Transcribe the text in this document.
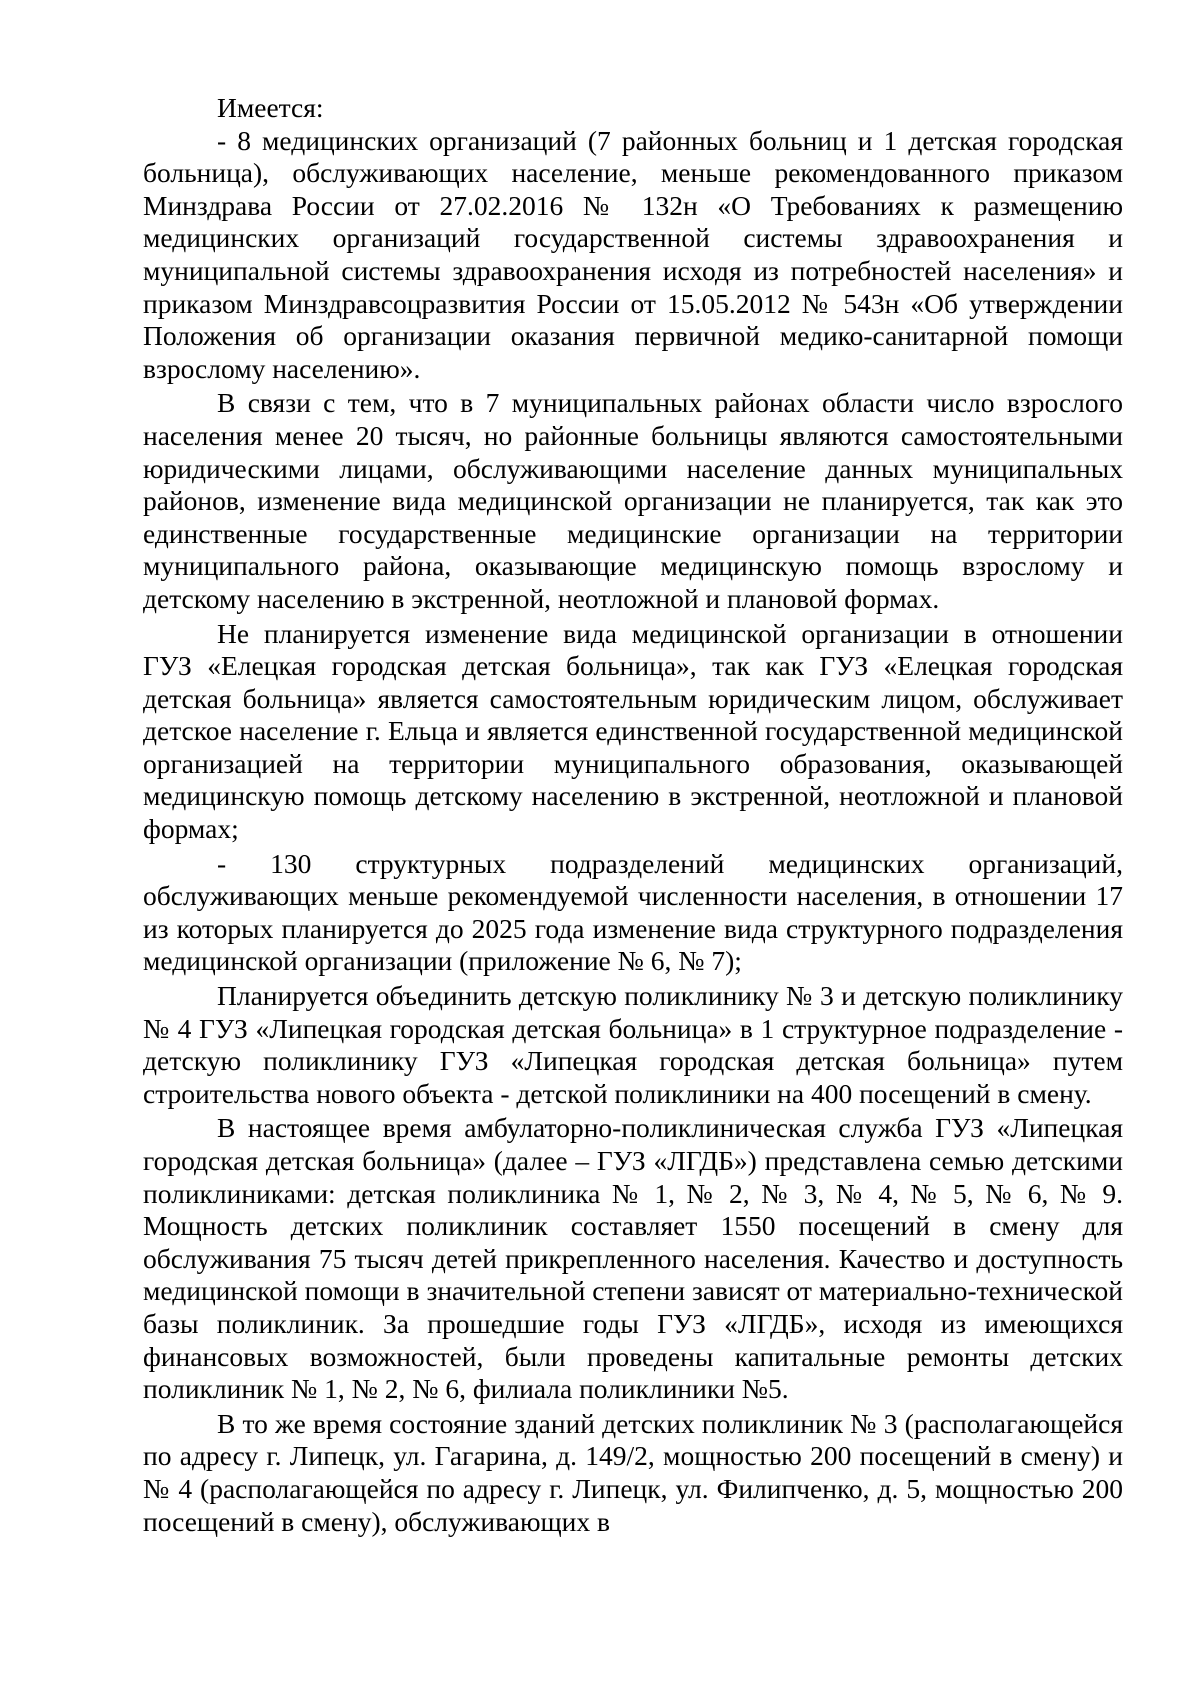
Имеется:

- 8 медицинских организаций (7 районных больниц и 1 детская городская больница), обслуживающих население, меньше рекомендованного приказом Минздрава России от 27.02.2016 № 132н «О Требованиях к размещению медицинских организаций государственной системы здравоохранения и муниципальной системы здравоохранения исходя из потребностей населения» и приказом Минздравсоцразвития России от 15.05.2012 № 543н «Об утверждении Положения об организации оказания первичной медико-санитарной помощи взрослому населению».

В связи с тем, что в 7 муниципальных районах области число взрослого населения менее 20 тысяч, но районные больницы являются самостоятельными юридическими лицами, обслуживающими население данных муниципальных районов, изменение вида медицинской организации не планируется, так как это единственные государственные медицинские организации на территории муниципального района, оказывающие медицинскую помощь взрослому и детскому населению в экстренной, неотложной и плановой формах.

Не планируется изменение вида медицинской организации в отношении ГУЗ «Елецкая городская детская больница», так как ГУЗ «Елецкая городская детская больница» является самостоятельным юридическим лицом, обслуживает детское население г. Ельца и является единственной государственной медицинской организацией на территории муниципального образования, оказывающей медицинскую помощь детскому населению в экстренной, неотложной и плановой формах;

- 130 структурных подразделений медицинских организаций, обслуживающих меньше рекомендуемой численности населения, в отношении 17 из которых планируется до 2025 года изменение вида структурного подразделения медицинской организации (приложение № 6, № 7);

Планируется объединить детскую поликлинику № 3 и детскую поликлинику № 4 ГУЗ «Липецкая городская детская больница» в 1 структурное подразделение - детскую поликлинику ГУЗ «Липецкая городская детская больница» путем строительства нового объекта - детской поликлиники на 400 посещений в смену.

В настоящее время амбулаторно-поликлиническая служба ГУЗ «Липецкая городская детская больница» (далее – ГУЗ «ЛГДБ») представлена семью детскими поликлиниками: детская поликлиника № 1, № 2, № 3, № 4, № 5, № 6, № 9. Мощность детских поликлиник составляет 1550 посещений в смену для обслуживания 75 тысяч детей прикрепленного населения. Качество и доступность медицинской помощи в значительной степени зависят от материально-технической базы поликлиник. За прошедшие годы ГУЗ «ЛГДБ», исходя из имеющихся финансовых возможностей, были проведены капитальные ремонты детских поликлиник № 1, № 2, № 6, филиала поликлиники №5.

В то же время состояние зданий детских поликлиник № 3 (располагающейся по адресу г. Липецк, ул. Гагарина, д. 149/2, мощностью 200 посещений в смену) и № 4 (располагающейся по адресу г. Липецк, ул. Филипченко, д. 5, мощностью 200 посещений в смену), обслуживающих в
